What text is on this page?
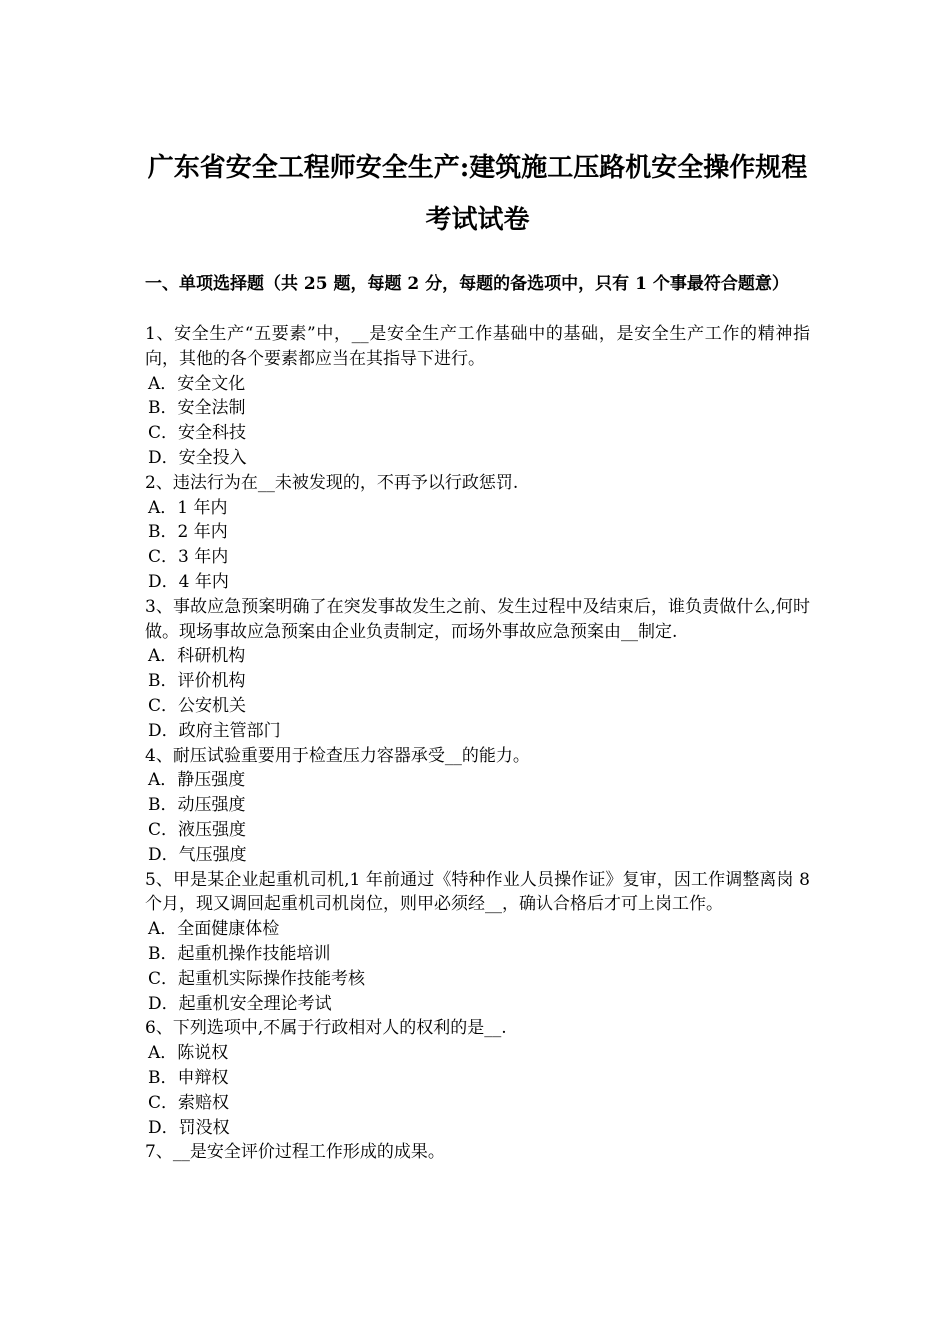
广东省安全工程师安全生产:建筑施工压路机安全操作规程
考试试卷
一、单项选择题（共 25 题，每题 2 分，每题的备选项中，只有 1 个事最符合题意）

1、安全生产“五要素”中，__是安全生产工作基础中的基础，是安全生产工作的精神指向，其他的各个要素都应当在其指导下进行。

A．安全文化

B．安全法制

C．安全科技

D．安全投入

2、违法行为在__未被发现的，不再予以行政惩罚.

A．1 年内

B．2 年内

C．3 年内

D．4 年内

3、事故应急预案明确了在突发事故发生之前、发生过程中及结束后，谁负责做什么,何时做。现场事故应急预案由企业负责制定，而场外事故应急预案由__制定.

A．科研机构

B．评价机构

C．公安机关

D．政府主管部门

4、耐压试验重要用于检查压力容器承受__的能力。

A．静压强度

B．动压强度

C．液压强度

D．气压强度

5、甲是某企业起重机司机,1 年前通过《特种作业人员操作证》复审，因工作调整离岗 8 个月，现又调回起重机司机岗位，则甲必须经__，确认合格后才可上岗工作。

A．全面健康体检

B．起重机操作技能培训

C．起重机实际操作技能考核

D．起重机安全理论考试

6、下列选项中,不属于行政相对人的权利的是__.

A．陈说权

B．申辩权

C．索赔权

D．罚没权

7、__是安全评价过程工作形成的成果。
